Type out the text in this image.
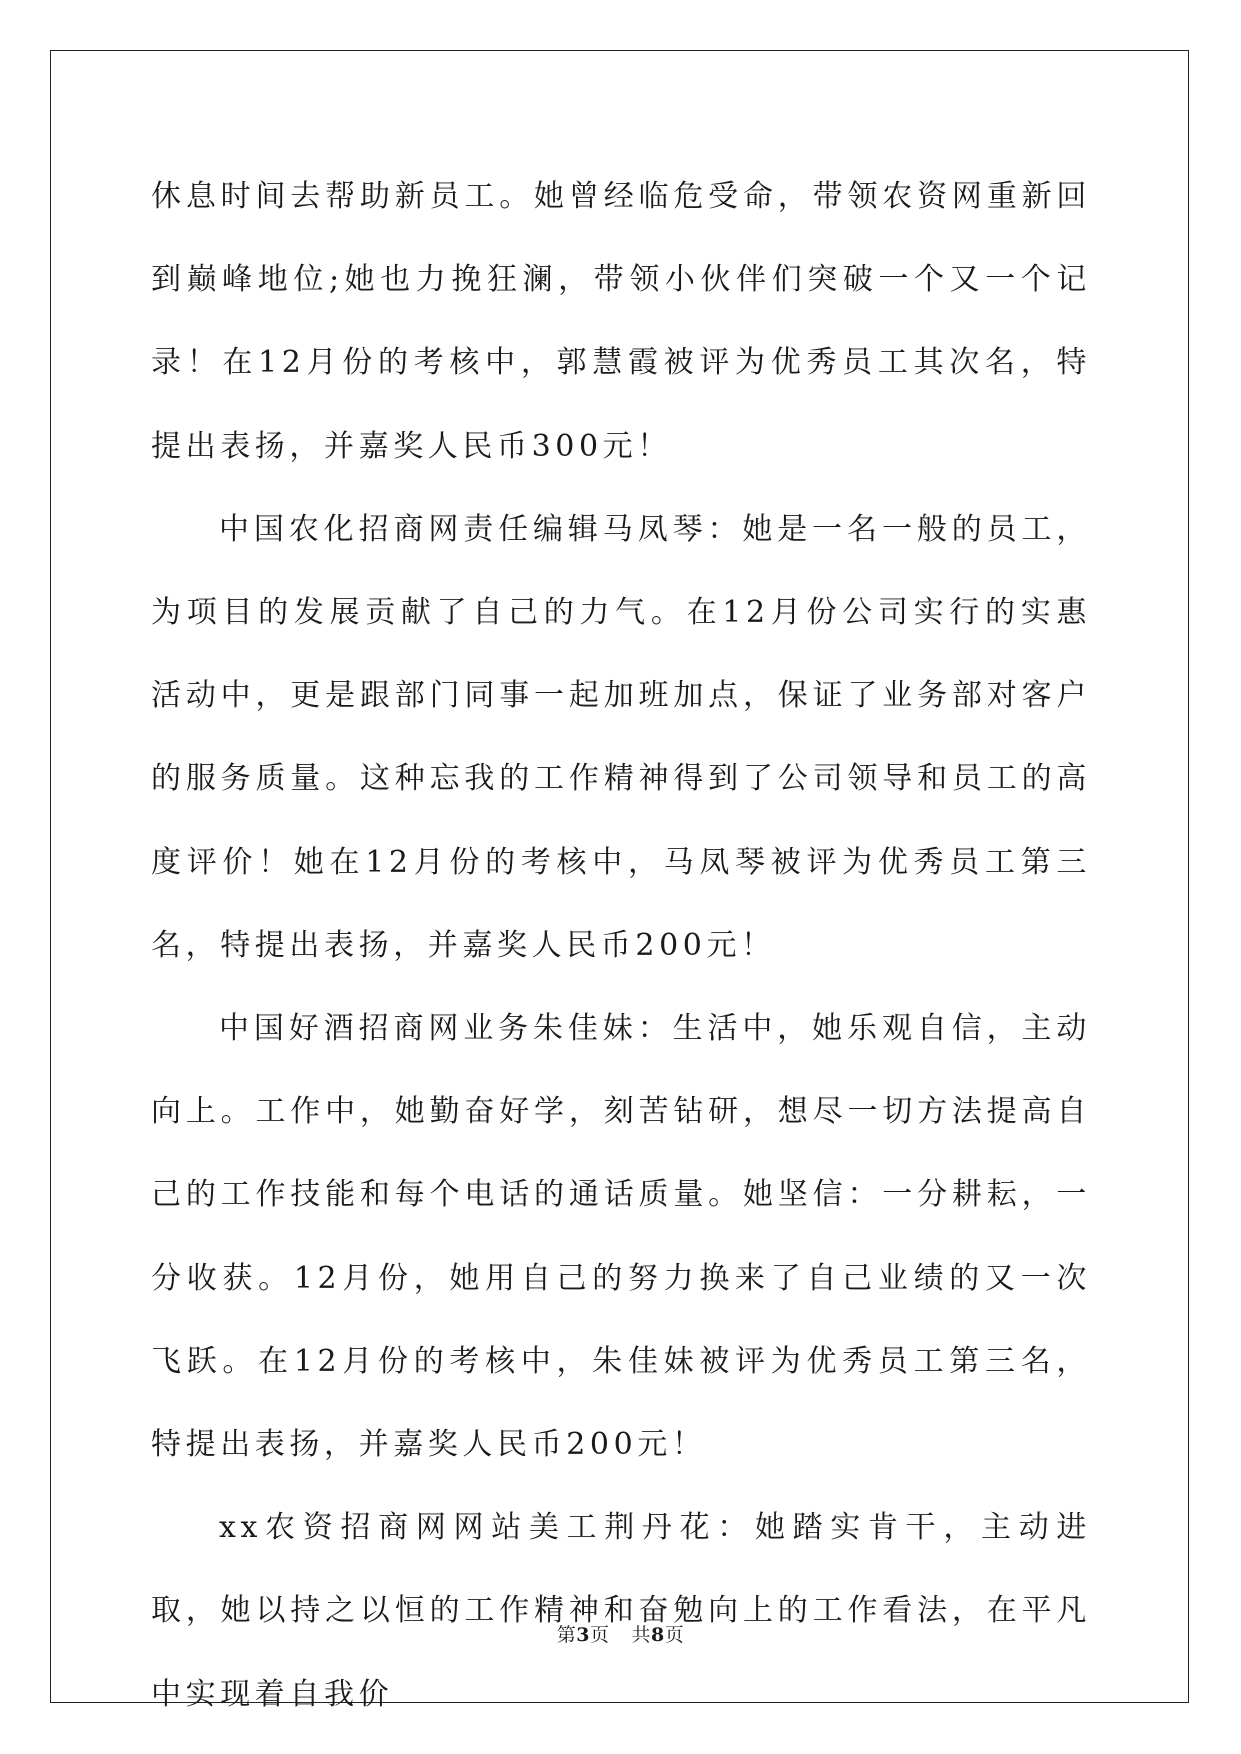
休息时间去帮助新员工。她曾经临危受命，带领农资网重新回到巅峰地位;她也力挽狂澜，带领小伙伴们突破一个又一个记录！在12月份的考核中，郭慧霞被评为优秀员工其次名，特提出表扬，并嘉奖人民币300元！

中国农化招商网责任编辑马凤琴：她是一名一般的员工，为项目的发展贡献了自己的力气。在12月份公司实行的实惠活动中，更是跟部门同事一起加班加点，保证了业务部对客户的服务质量。这种忘我的工作精神得到了公司领导和员工的高度评价！她在12月份的考核中，马凤琴被评为优秀员工第三名，特提出表扬，并嘉奖人民币200元！

中国好酒招商网业务朱佳妹：生活中，她乐观自信，主动向上。工作中，她勤奋好学，刻苦钻研，想尽一切方法提高自己的工作技能和每个电话的通话质量。她坚信：一分耕耘，一分收获。12月份，她用自己的努力换来了自己业绩的又一次飞跃。在12月份的考核中，朱佳妹被评为优秀员工第三名，特提出表扬，并嘉奖人民币200元！

xx农资招商网网站美工荆丹花：她踏实肯干，主动进取，她以持之以恒的工作精神和奋勉向上的工作看法，在平凡中实现着自我价

第3页 共8页
